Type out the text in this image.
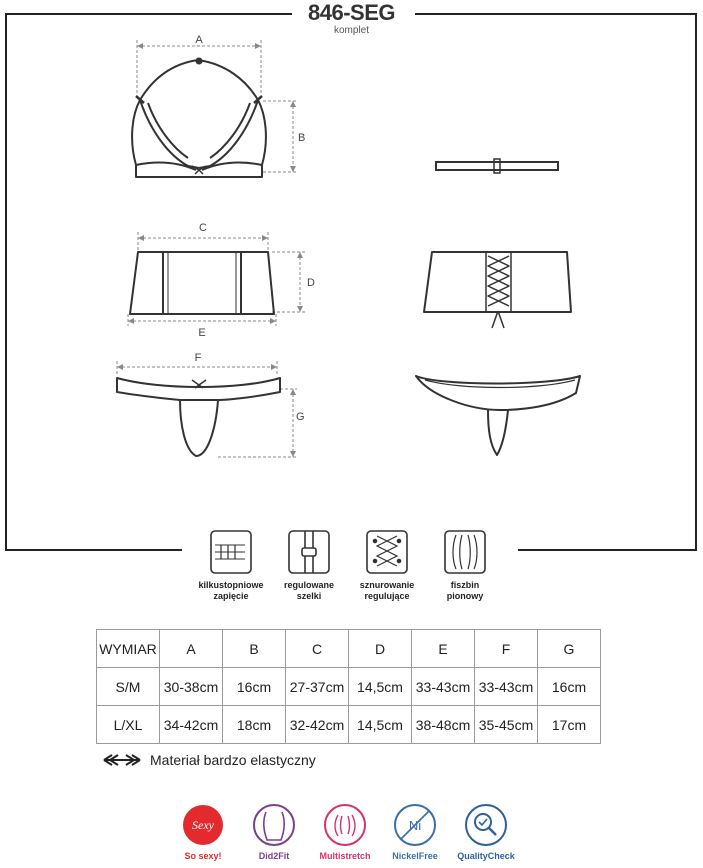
846-SEG
komplet
A
B
C
D
E
F
G
Sexy	Ni
kilkustopniowe
zapięcie
regulowane
szelki
sznurowanie
regulujące
fiszbin
pionowy
WYMIAR	A	B	C	D	E	F	G
S/M	30-38cm	16cm	27-37cm	14,5cm	33-43cm	33-43cm	16cm
L/XL	34-42cm	18cm	32-42cm	14,5cm	38-48cm	35-45cm	17cm
Materiał bardzo elastyczny
So sexy!	Did2Fit	Multistretch	NickelFree	QualityCheck
